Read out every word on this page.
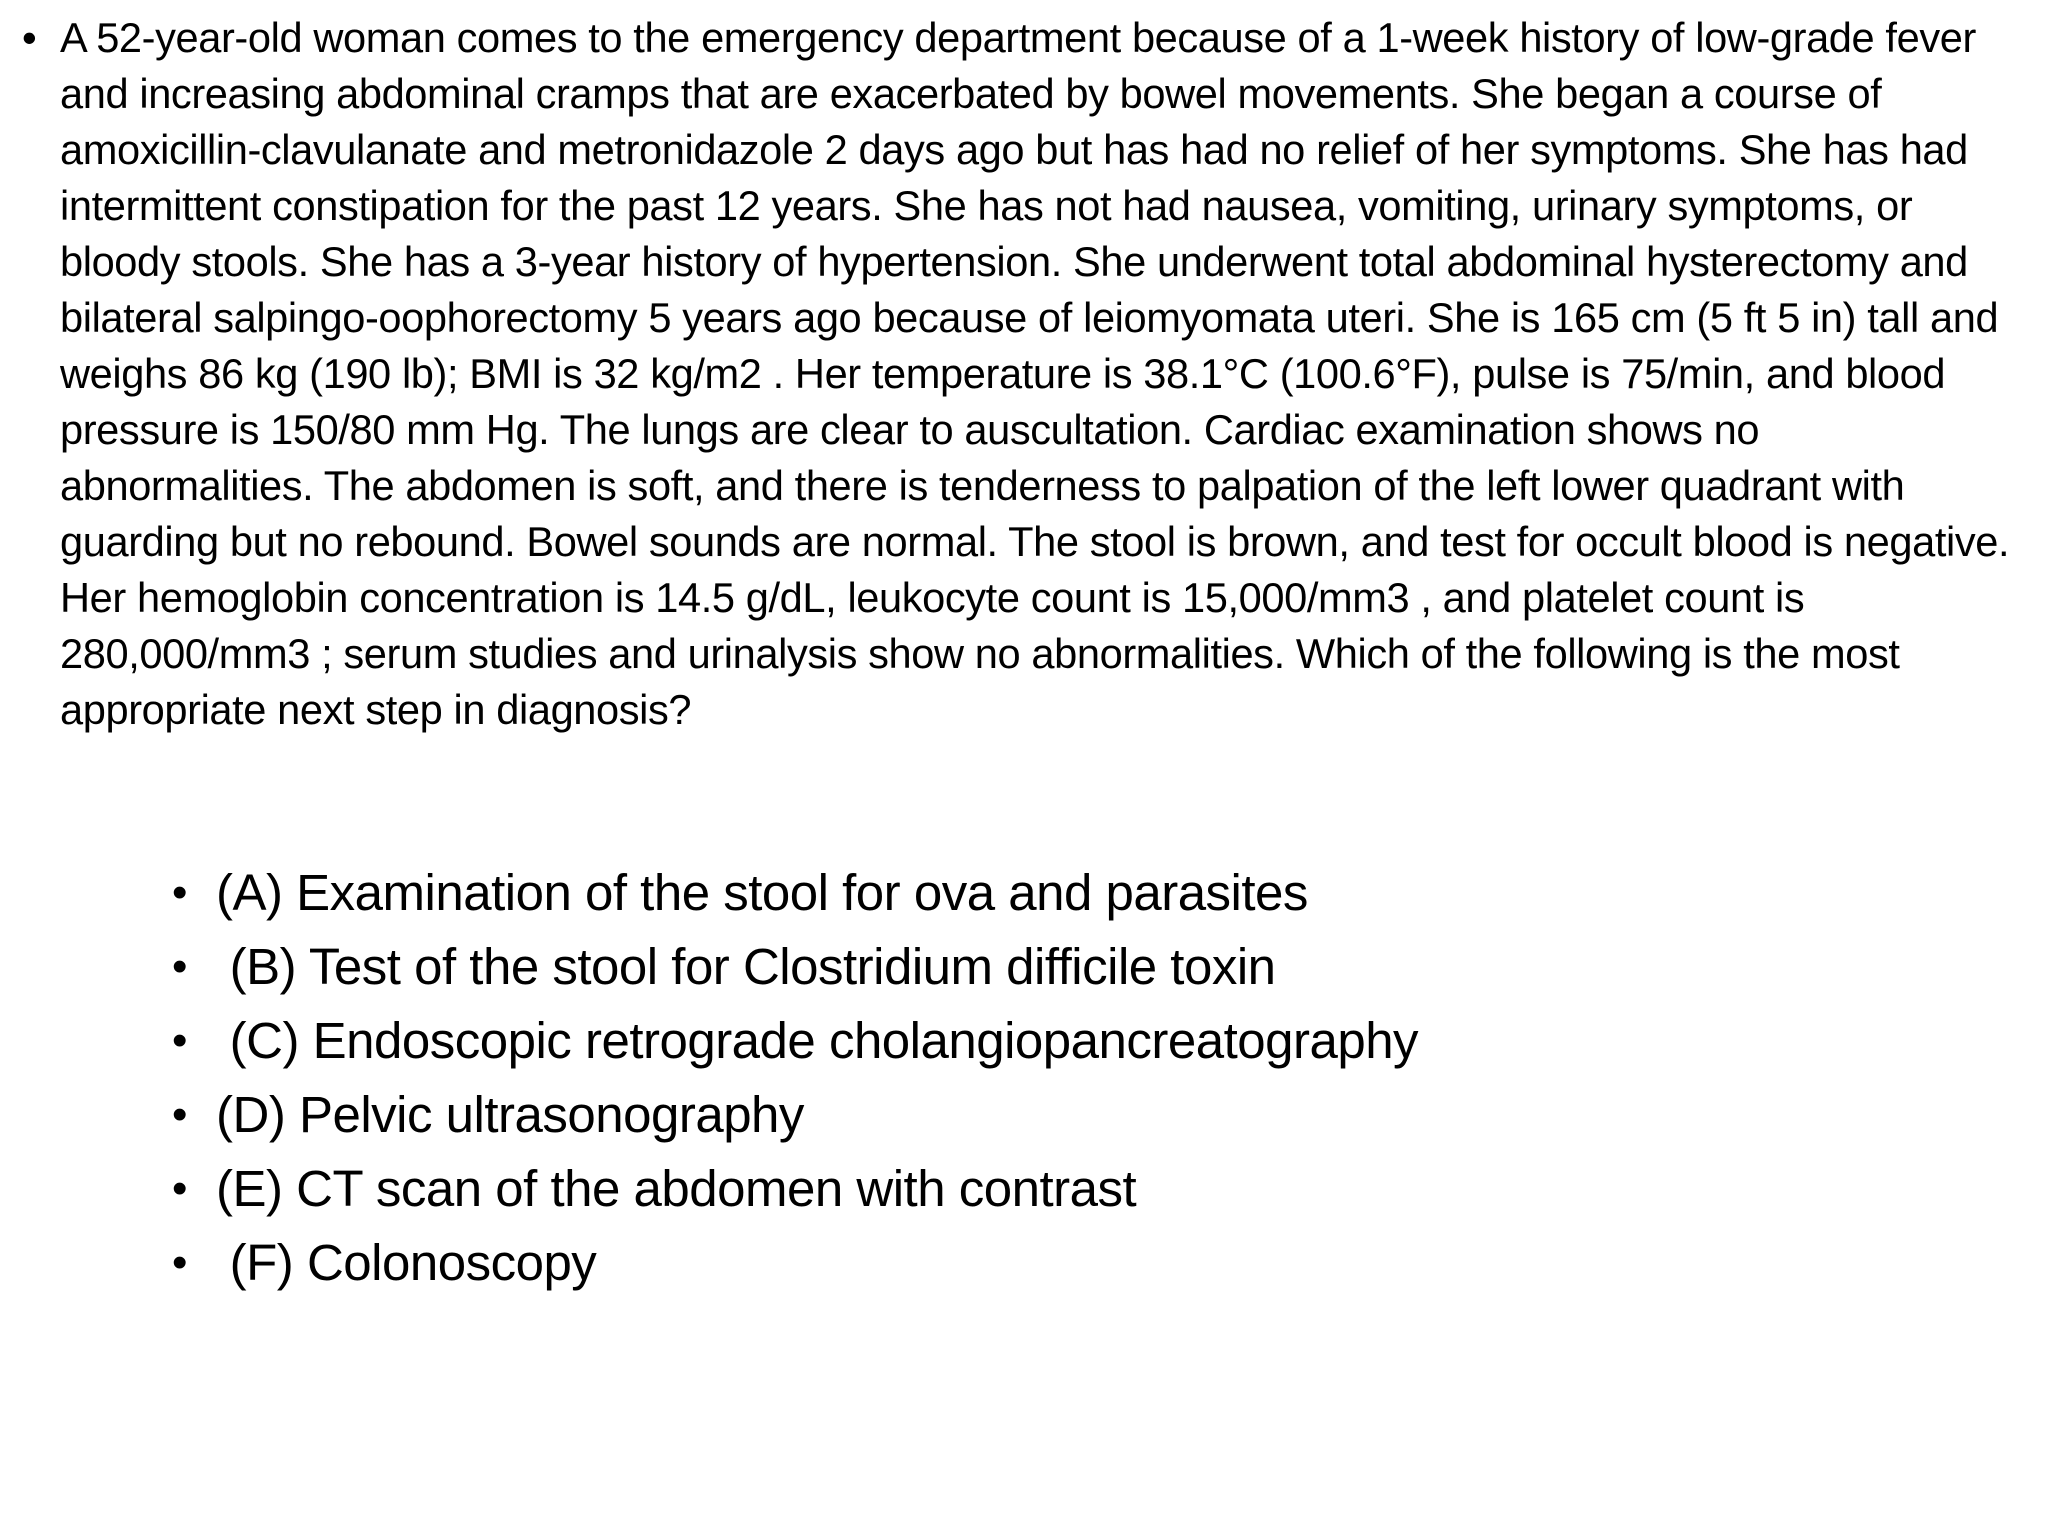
• A 52-year-old woman comes to the emergency department because of a 1-week history of low-grade fever and increasing abdominal cramps that are exacerbated by bowel movements. She began a course of amoxicillin-clavulanate and metronidazole 2 days ago but has had no relief of her symptoms. She has had intermittent constipation for the past 12 years. She has not had nausea, vomiting, urinary symptoms, or bloody stools. She has a 3-year history of hypertension. She underwent total abdominal hysterectomy and bilateral salpingo-oophorectomy 5 years ago because of leiomyomata uteri. She is 165 cm (5 ft 5 in) tall and weighs 86 kg (190 lb); BMI is 32 kg/m2 . Her temperature is 38.1°C (100.6°F), pulse is 75/min, and blood pressure is 150/80 mm Hg. The lungs are clear to auscultation. Cardiac examination shows no abnormalities. The abdomen is soft, and there is tenderness to palpation of the left lower quadrant with guarding but no rebound. Bowel sounds are normal. The stool is brown, and test for occult blood is negative. Her hemoglobin concentration is 14.5 g/dL, leukocyte count is 15,000/mm3 , and platelet count is 280,000/mm3 ; serum studies and urinalysis show no abnormalities. Which of the following is the most appropriate next step in diagnosis?

• (A) Examination of the stool for ova and parasites
• (B) Test of the stool for Clostridium difficile toxin
• (C) Endoscopic retrograde cholangiopancreatography
• (D) Pelvic ultrasonography
• (E) CT scan of the abdomen with contrast
• (F) Colonoscopy
